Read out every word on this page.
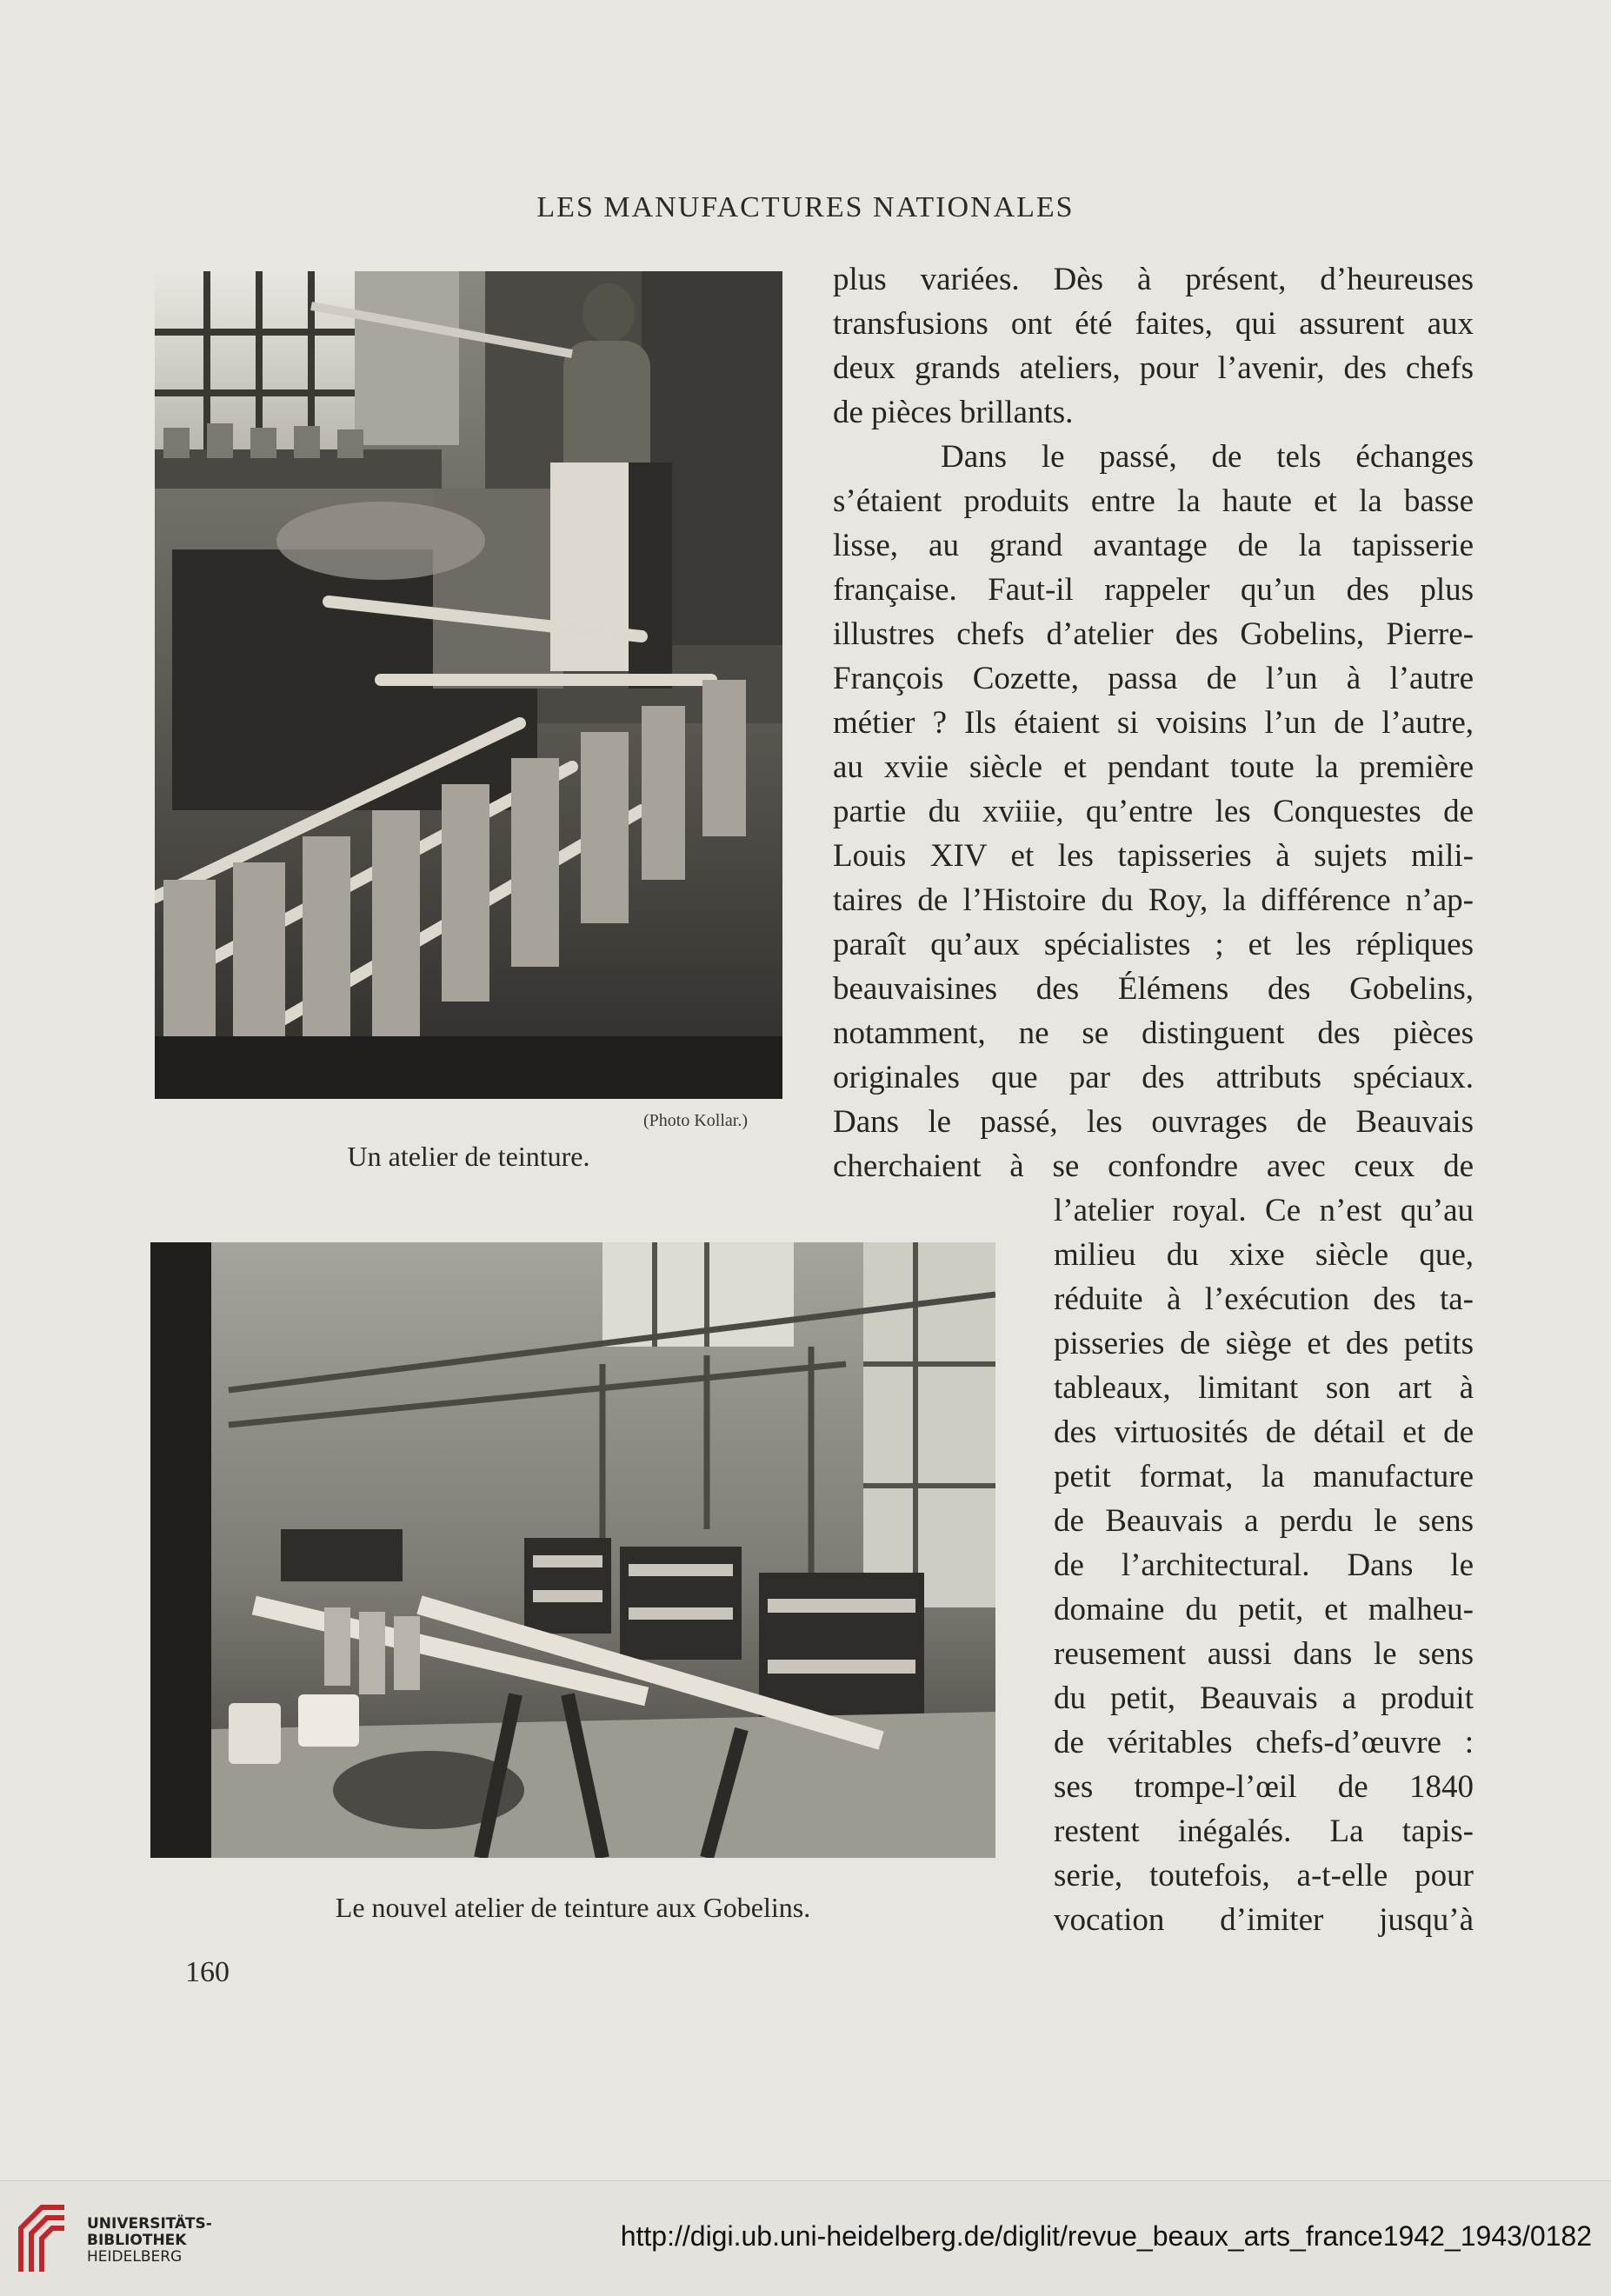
LES MANUFACTURES NATIONALES
(Photo Kollar.)
Un atelier de teinture.
Le nouvel atelier de teinture aux Gobelins.
plus variées. Dès à présent, d’heureuses
transfusions ont été faites, qui assurent aux
deux grands ateliers, pour l’avenir, des chefs
de pièces brillants.
Dans le passé, de tels échanges
s’étaient produits entre la haute et la basse
lisse, au grand avantage de la tapisserie
française. Faut-il rappeler qu’un des plus
illustres chefs d’atelier des Gobelins, Pierre-
François Cozette, passa de l’un à l’autre
métier ? Ils étaient si voisins l’un de l’autre,
au xviie siècle et pendant toute la première
partie du xviiie, qu’entre les Conquestes de
Louis XIV et les tapisseries à sujets mili-
taires de l’Histoire du Roy, la différence n’ap-
paraît qu’aux spécialistes ; et les répliques
beauvaisines des Élémens des Gobelins,
notamment, ne se distinguent des pièces
originales que par des attributs spéciaux.
Dans le passé, les ouvrages de Beauvais
cherchaient à se confondre avec ceux de
l’atelier royal. Ce n’est qu’au
milieu du xixe siècle que,
réduite à l’exécution des ta-
pisseries de siège et des petits
tableaux, limitant son art à
des virtuosités de détail et de
petit format, la manufacture
de Beauvais a perdu le sens
de l’architectural. Dans le
domaine du petit, et malheu-
reusement aussi dans le sens
du petit, Beauvais a produit
de véritables chefs-d’œuvre :
ses trompe-l’œil de 1840
restent inégalés. La tapis-
serie, toutefois, a-t-elle pour
vocation d’imiter jusqu’à
160
UNIVERSITÄTS-
BIBLIOTHEK
HEIDELBERG
http://digi.ub.uni-heidelberg.de/diglit/revue_beaux_arts_france1942_1943/0182
